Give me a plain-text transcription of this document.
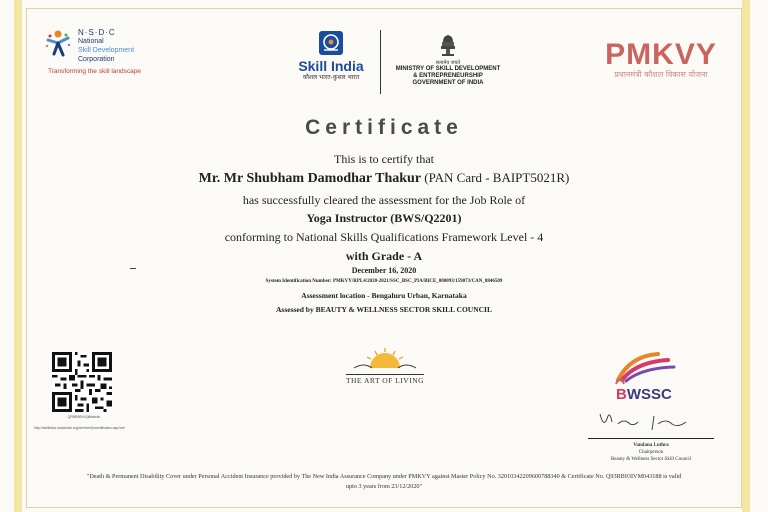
N·S·D·C
National
Skill Development
Corporation
Transforming the skill landscape	Skill India
कौशल भारत-कुशल भारत
सत्यमेव जयते
MINISTRY OF SKILL DEVELOPMENT
& ENTREPRENEURSHIP
GOVERNMENT OF INDIA
PMKVY
प्रधानमंत्री कौशल विकास योजना
Certificate
This is to certify that
Mr. Mr Shubham Damodhar Thakur (PAN Card - BAIPT5021R)
has successfully cleared the assessment for the Job Role of
Yoga Instructor (BWS/Q2201)
conforming to National Skills Qualifications Framework Level - 4
with Grade - A
December 16, 2020
System Identification Number: PMKVY/RPL4/2020-2021/SSC_BSC_PIA/BICE_000093/159073/CAN_8846509
Assessment location - Bengaluru Urban, Karnataka
Assessed by BEAUTY & WELLNESS SECTOR SKILL COUNCIL
QR8R9BV/Qt8mbuth
http://skillindia.nsdcindia.org/cert/verify/certificates.asp/veri
THE ART OF LIVING
BWSSC
Vandana Luthra
Chairperson
Beauty & Wellness Sector Skill Council
"Death & Permanent Disability Cover under Personal Accident Insurance provided by The New India Assurance Company under PMKVY against Master Policy No. 32010342209600788340 & Certificate No. Q93RB93IVM043188 is valid
upto 3 years from 23/12/2020"
